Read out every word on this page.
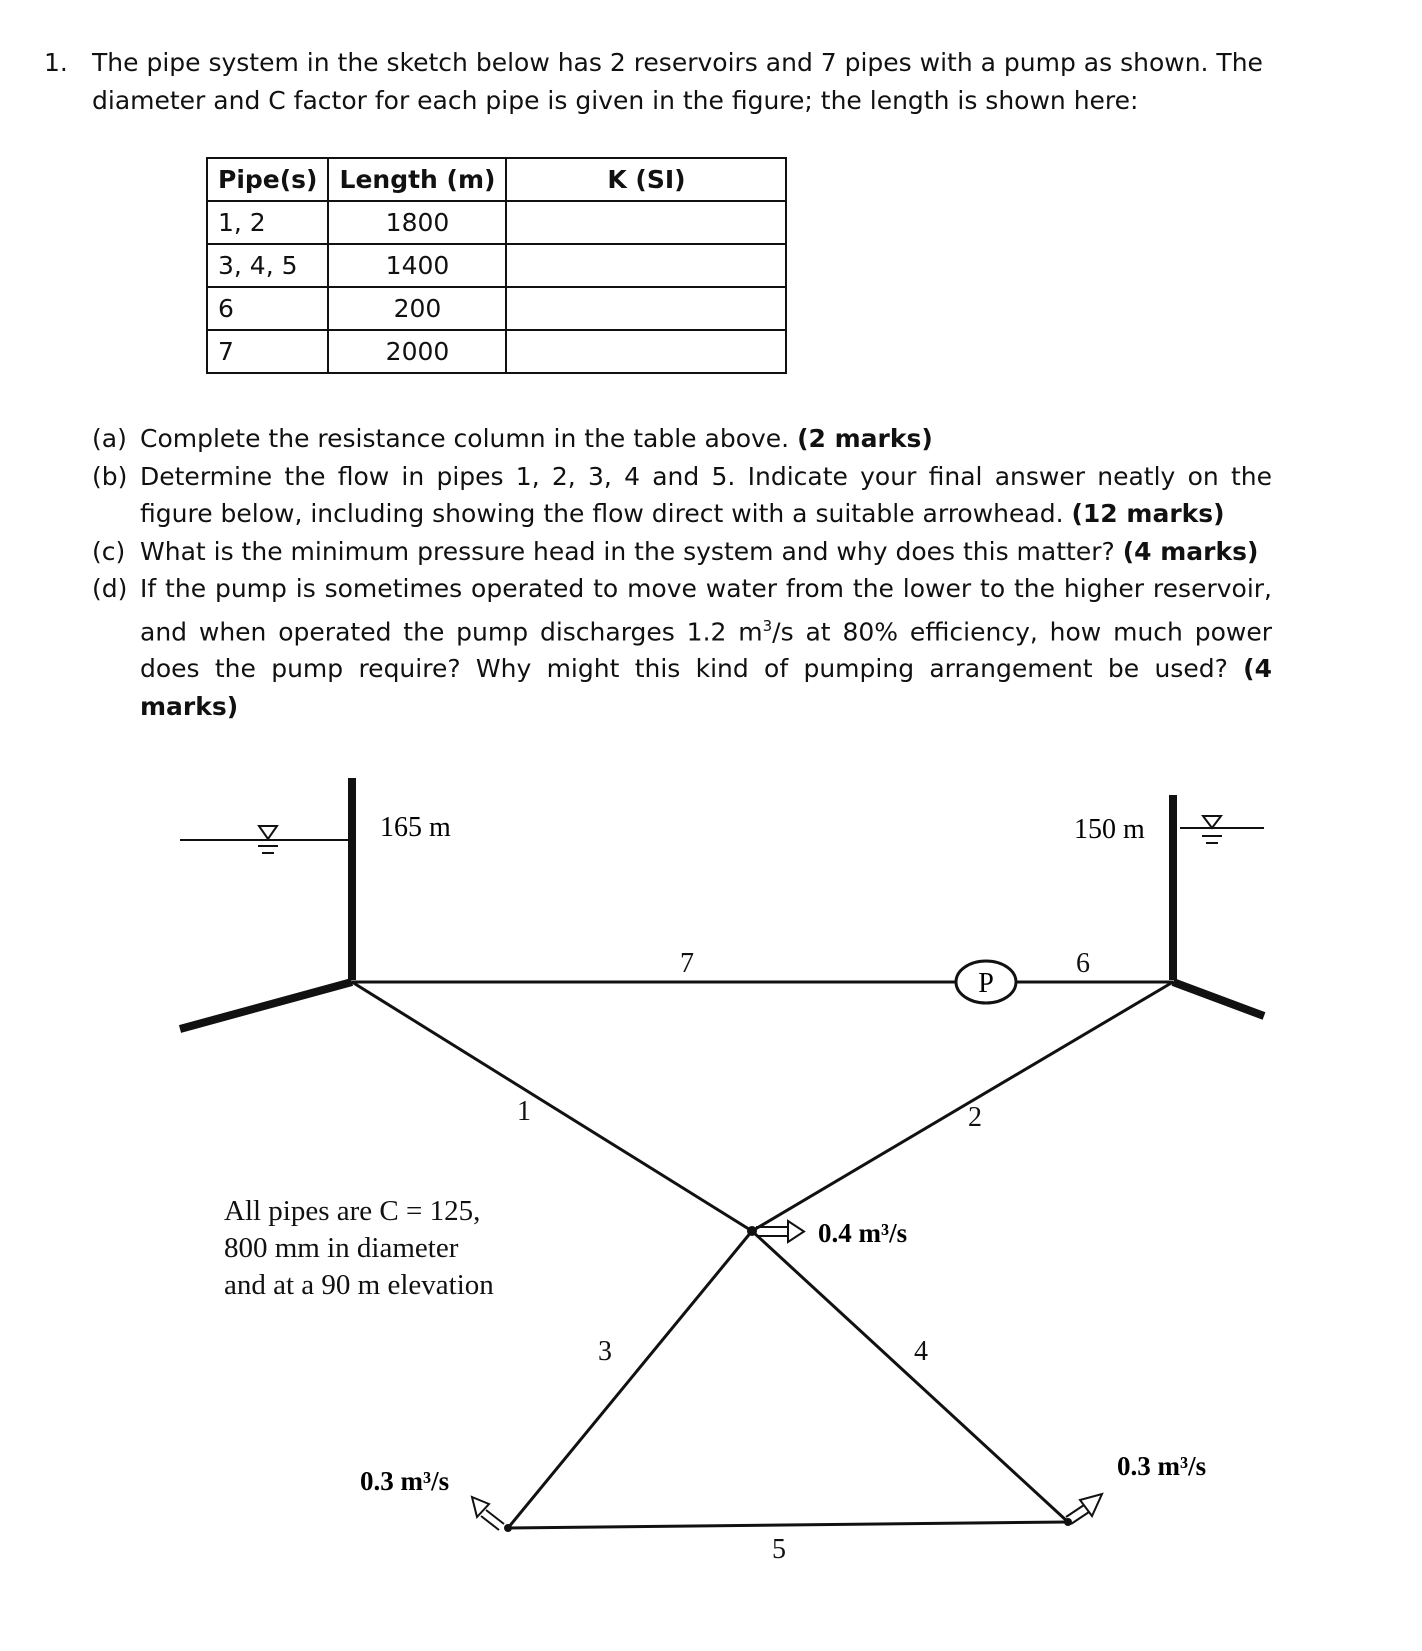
1. The pipe system in the sketch below has 2 reservoirs and 7 pipes with a pump as shown. The diameter and C factor for each pipe is given in the figure; the length is shown here:
Pipe(s)	Length (m)	K (SI)
1, 2	1800	
3, 4, 5	1400	
6	200	
7	2000	
(a) Complete the resistance column in the table above. (2 marks)
(b) Determine the flow in pipes 1, 2, 3, 4 and 5. Indicate your final answer neatly on the figure below, including showing the flow direct with a suitable arrowhead. (12 marks)
(c) What is the minimum pressure head in the system and why does this matter? (4 marks)
(d) If the pump is sometimes operated to move water from the lower to the higher reservoir, and when operated the pump discharges 1.2 $m^3/s$ at 80% efficiency, how much power does the pump require? Why might this kind of pumping arrangement be used? (4 marks)
165 m	150 m
P
7	6
1	2
3	4
5
0.4 m³/s
0.3 m³/s	0.3 m³/s
All pipes are C = 125,
800 mm in diameter
and at a 90 m elevation
